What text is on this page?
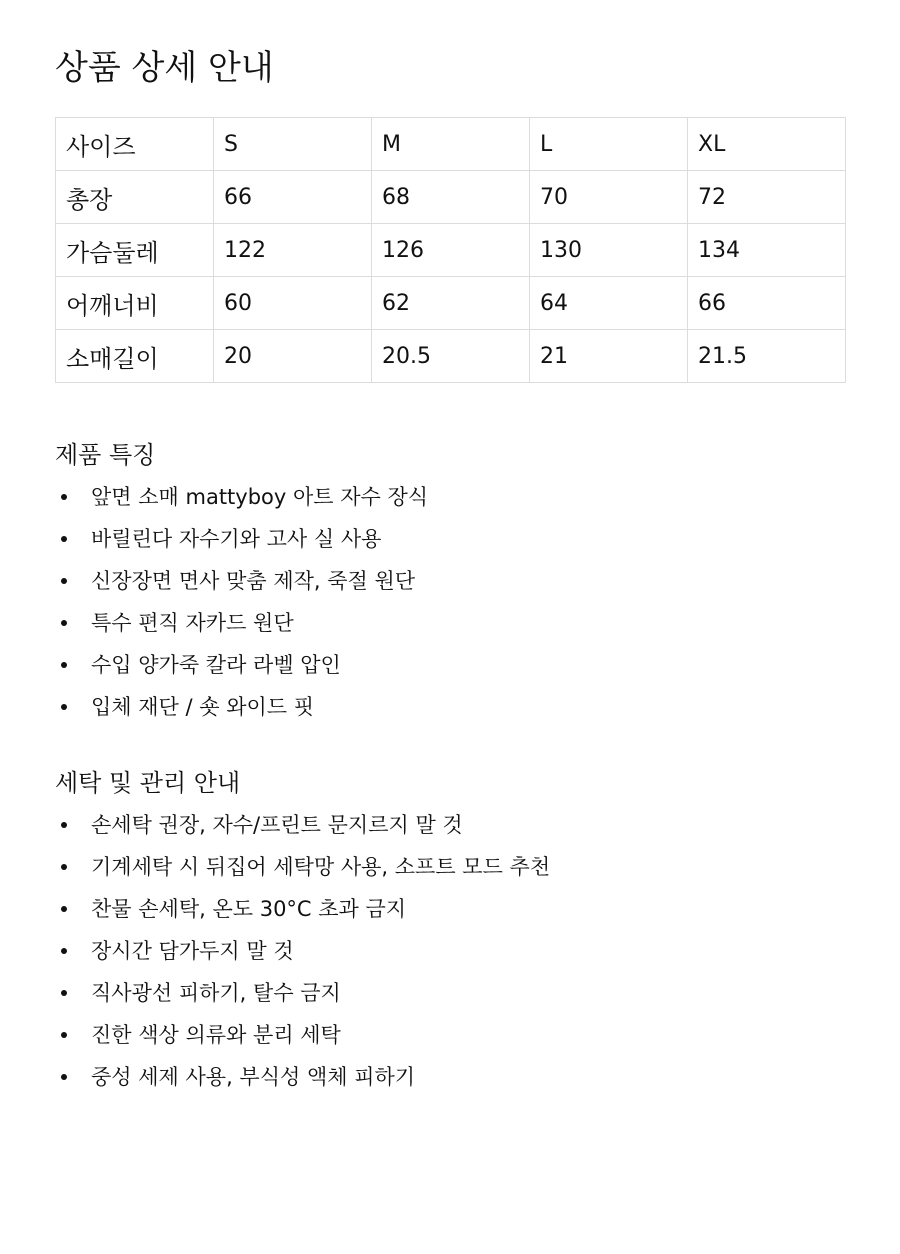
상품 상세 안내
사이즈	S	M	L	XL
총장	66	68	70	72
가슴둘레	122	126	130	134
어깨너비	60	62	64	66
소매길이	20	20.5	21	21.5
제품 특징
앞면 소매 mattyboy 아트 자수 장식
바릴린다 자수기와 고사 실 사용
신장장면 면사 맞춤 제작, 죽절 원단
특수 편직 자카드 원단
수입 양가죽 칼라 라벨 압인
입체 재단 / 숏 와이드 핏
세탁 및 관리 안내
손세탁 권장, 자수/프린트 문지르지 말 것
기계세탁 시 뒤집어 세탁망 사용, 소프트 모드 추천
찬물 손세탁, 온도 30°C 초과 금지
장시간 담가두지 말 것
직사광선 피하기, 탈수 금지
진한 색상 의류와 분리 세탁
중성 세제 사용, 부식성 액체 피하기
